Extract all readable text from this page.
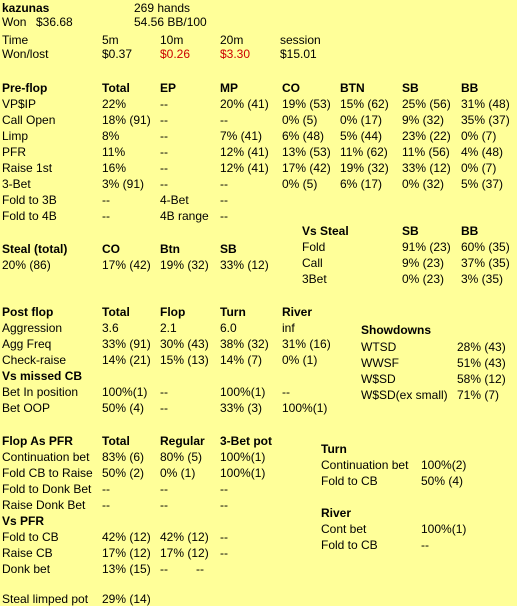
kazunas	269 hands
Won $36.68	54.56 BB/100
Time	5m	10m	20m	session
Won/lost	$0.37 $0.26 $3.30 $15.01
Pre-flop	Total	EP	MP	CO	BTN	SB	BB
VP$IP	22%	--	20% (41) 19% (53) 15% (62) 25% (56) 31% (48)
Call Open	18% (91) --	--	0% (5) 0% (17) 9% (32) 35% (37)
Limp	8%	--	7% (41) 6% (48) 5% (44) 23% (22) 0% (7)
PFR	11%	--	12% (41) 13% (53) 11% (62) 11% (56) 4% (48)
Raise 1st	16%	--	12% (41) 17% (42) 19% (32) 33% (12) 0% (7)
3-Bet	3% (91) --	--	0% (5) 6% (17) 0% (32) 5% (37)
Fold to 3B	--	4-Bet	--
Fold to 4B	--	4B range --
Vs Steal	SB	BB
Fold	91% (23) 60% (35)
Call	9% (23) 37% (35)
3Bet	0% (23) 3% (35)
Steal (total)	CO	Btn	SB
20% (86)	17% (42) 19% (32) 33% (12)
Post flop	Total	Flop	Turn	River
Aggression	3.6	2.1	6.0	inf
Agg Freq	33% (91) 30% (43) 38% (32) 31% (16)
Check-raise	14% (21) 15% (13) 14% (7) 0% (1)
Vs missed CB
Bet In position 100%(1) --	100%(1) --
Bet OOP	50% (4) --	33% (3) 100%(1)
Showdowns
WTSD	28% (43)
WWSF	51% (43)
W$SD	58% (12)
W$SD(ex small) 71% (7)
Flop As PFR Total	Regular 3-Bet pot
Continuation bet 83% (6) 80% (5) 100%(1)
Fold CB to Raise 50% (2) 0% (1) 100%(1)
Fold to Donk Bet --	--	--
Raise Donk Bet --	--	--
Vs PFR
Fold to CB	42% (12) 42% (12) --
Raise CB	17% (12) 17% (12) --
Donk bet	13% (15) -- --
Steal limped pot 29% (14)
Turn
Continuation bet 100%(2)
Fold to CB	50% (4)
River
Cont bet	100%(1)
Fold to CB	--
